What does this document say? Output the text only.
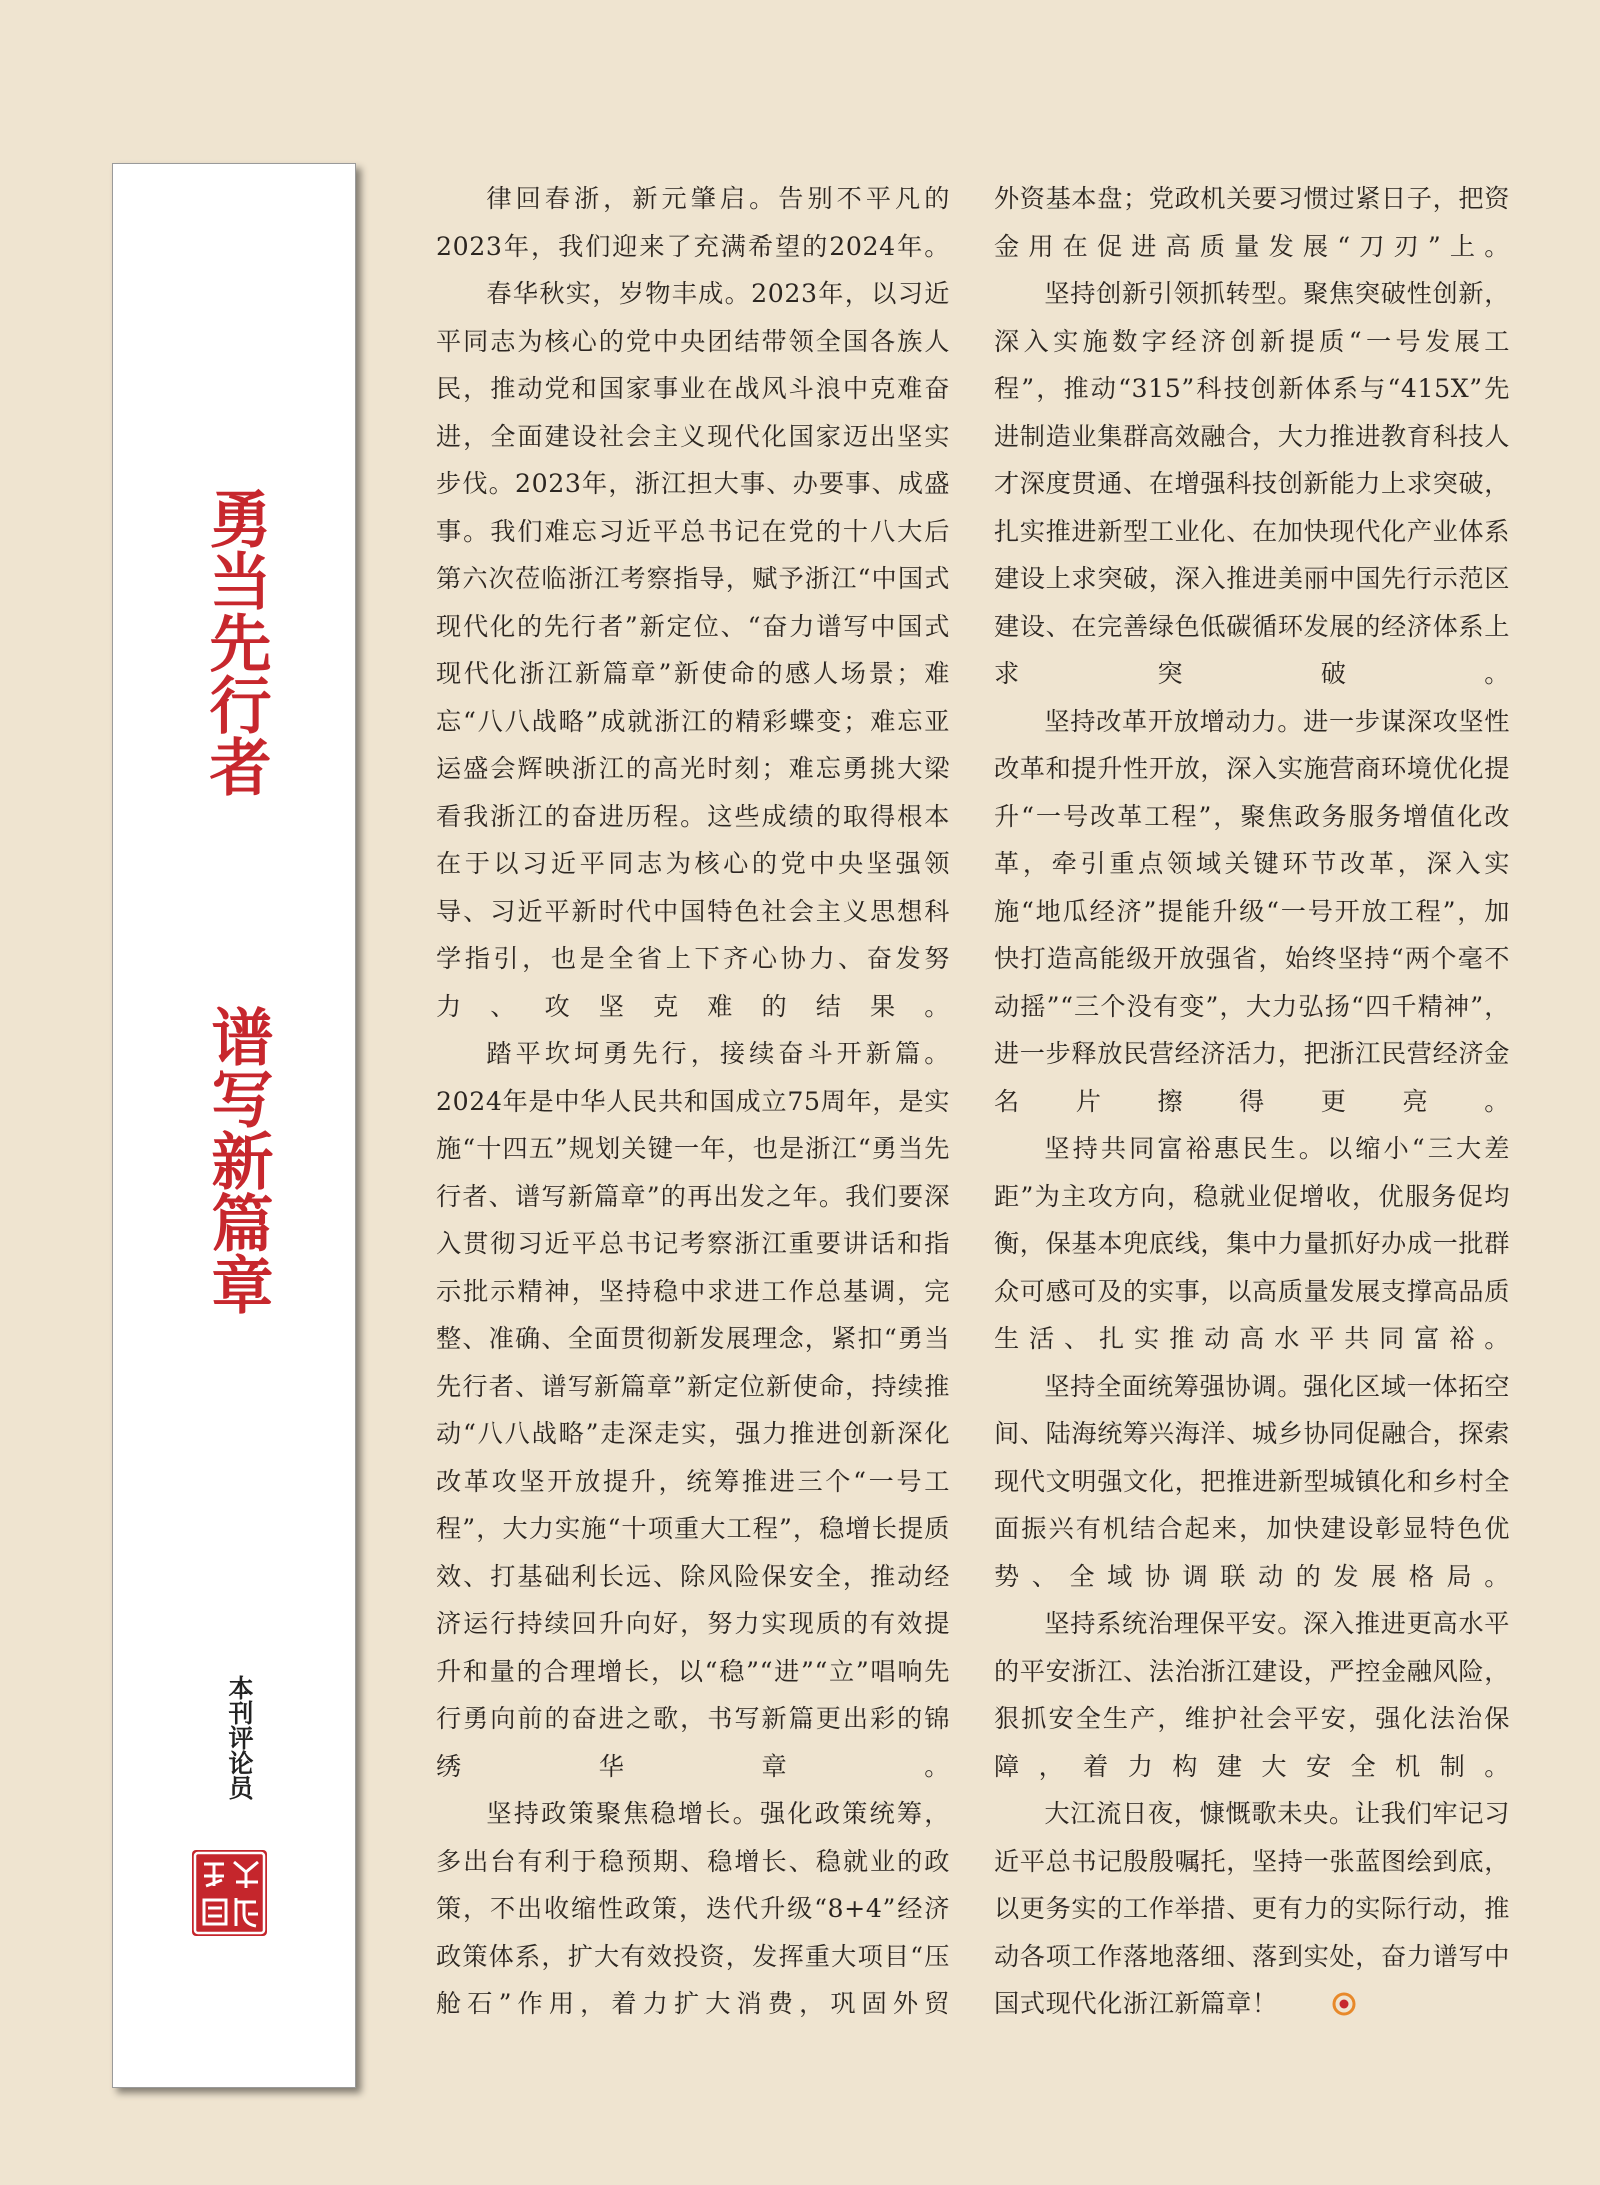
勇当先行者
谱写新篇章
本刊评论员

律回春浙，新元肇启。告别不平凡的2023年，我们迎来了充满希望的2024年。

春华秋实，岁物丰成。2023年，以习近平同志为核心的党中央团结带领全国各族人民，推动党和国家事业在战风斗浪中克难奋进，全面建设社会主义现代化国家迈出坚实步伐。2023年，浙江担大事、办要事、成盛事。我们难忘习近平总书记在党的十八大后第六次莅临浙江考察指导，赋予浙江“中国式现代化的先行者”新定位、“奋力谱写中国式现代化浙江新篇章”新使命的感人场景；难忘“八八战略”成就浙江的精彩蝶变；难忘亚运盛会辉映浙江的高光时刻；难忘勇挑大梁看我浙江的奋进历程。这些成绩的取得根本在于以习近平同志为核心的党中央坚强领导、习近平新时代中国特色社会主义思想科学指引，也是全省上下齐心协力、奋发努力、攻坚克难的结果。

踏平坎坷勇先行，接续奋斗开新篇。2024年是中华人民共和国成立75周年，是实施“十四五”规划关键一年，也是浙江“勇当先行者、谱写新篇章”的再出发之年。我们要深入贯彻习近平总书记考察浙江重要讲话和指示批示精神，坚持稳中求进工作总基调，完整、准确、全面贯彻新发展理念，紧扣“勇当先行者、谱写新篇章”新定位新使命，持续推动“八八战略”走深走实，强力推进创新深化改革攻坚开放提升，统筹推进三个“一号工程”，大力实施“十项重大工程”，稳增长提质效、打基础利长远、除风险保安全，推动经济运行持续回升向好，努力实现质的有效提升和量的合理增长，以“稳”“进”“立”唱响先行勇向前的奋进之歌，书写新篇更出彩的锦绣华章。

坚持政策聚焦稳增长。强化政策统筹，多出台有利于稳预期、稳增长、稳就业的政策，不出收缩性政策，迭代升级“8+4”经济政策体系，扩大有效投资，发挥重大项目“压舱石”作用，着力扩大消费，巩固外贸

外资基本盘；党政机关要习惯过紧日子，把资金用在促进高质量发展“刀刃”上。

坚持创新引领抓转型。聚焦突破性创新，深入实施数字经济创新提质“一号发展工程”，推动“315”科技创新体系与“415X”先进制造业集群高效融合，大力推进教育科技人才深度贯通、在增强科技创新能力上求突破，扎实推进新型工业化、在加快现代化产业体系建设上求突破，深入推进美丽中国先行示范区建设、在完善绿色低碳循环发展的经济体系上求突破。

坚持改革开放增动力。进一步谋深攻坚性改革和提升性开放，深入实施营商环境优化提升“一号改革工程”，聚焦政务服务增值化改革，牵引重点领域关键环节改革，深入实施“地瓜经济”提能升级“一号开放工程”，加快打造高能级开放强省，始终坚持“两个毫不动摇”“三个没有变”，大力弘扬“四千精神”，进一步释放民营经济活力，把浙江民营经济金名片擦得更亮。

坚持共同富裕惠民生。以缩小“三大差距”为主攻方向，稳就业促增收，优服务促均衡，保基本兜底线，集中力量抓好办成一批群众可感可及的实事，以高质量发展支撑高品质生活、扎实推动高水平共同富裕。

坚持全面统筹强协调。强化区域一体拓空间、陆海统筹兴海洋、城乡协同促融合，探索现代文明强文化，把推进新型城镇化和乡村全面振兴有机结合起来，加快建设彰显特色优势、全域协调联动的发展格局。

坚持系统治理保平安。深入推进更高水平的平安浙江、法治浙江建设，严控金融风险，狠抓安全生产，维护社会平安，强化法治保障，着力构建大安全机制。

大江流日夜，慷慨歌未央。让我们牢记习近平总书记殷殷嘱托，坚持一张蓝图绘到底，以更务实的工作举措、更有力的实际行动，推动各项工作落地落细、落到实处，奋力谱写中国式现代化浙江新篇章！
